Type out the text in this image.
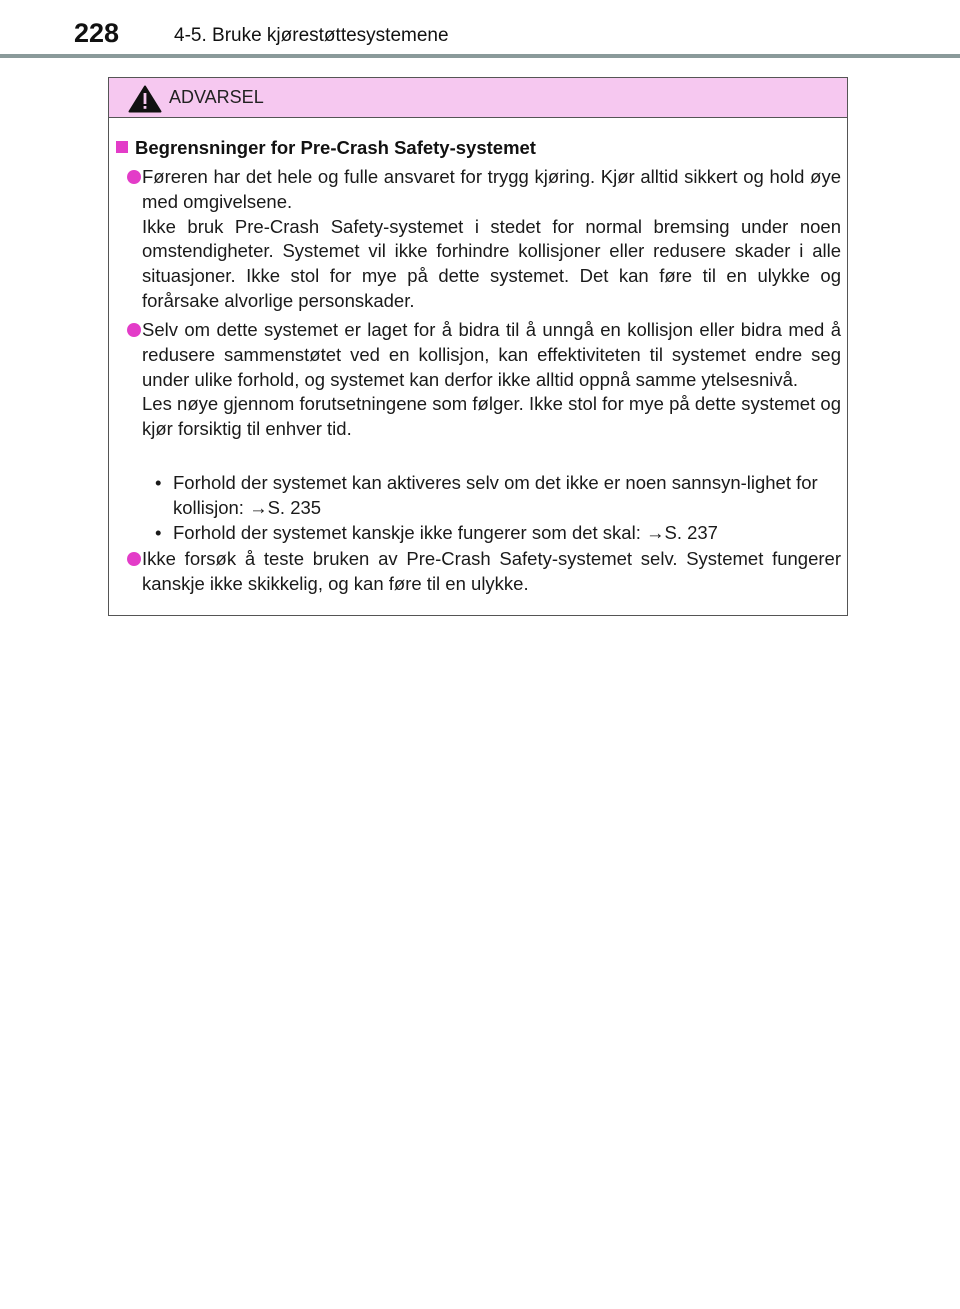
228	4-5. Bruke kjørestøttesystemene
ADVARSEL
Begrensninger for Pre-Crash Safety-systemet
Føreren har det hele og fulle ansvaret for trygg kjøring. Kjør alltid sikkert og hold øye med omgivelsene.
Ikke bruk Pre-Crash Safety-systemet i stedet for normal bremsing under noen omstendigheter. Systemet vil ikke forhindre kollisjoner eller redusere skader i alle situasjoner. Ikke stol for mye på dette systemet. Det kan føre til en ulykke og forårsake alvorlige personskader.
Selv om dette systemet er laget for å bidra til å unngå en kollisjon eller bidra med å redusere sammenstøtet ved en kollisjon, kan effektiviteten til systemet endre seg under ulike forhold, og systemet kan derfor ikke alltid oppnå samme ytelsesnivå.
Les nøye gjennom forutsetningene som følger. Ikke stol for mye på dette systemet og kjør forsiktig til enhver tid.
• Forhold der systemet kan aktiveres selv om det ikke er noen sannsyn-lighet for kollisjon: →S. 235
• Forhold der systemet kanskje ikke fungerer som det skal: →S. 237
Ikke forsøk å teste bruken av Pre-Crash Safety-systemet selv. Systemet fungerer kanskje ikke skikkelig, og kan føre til en ulykke.
